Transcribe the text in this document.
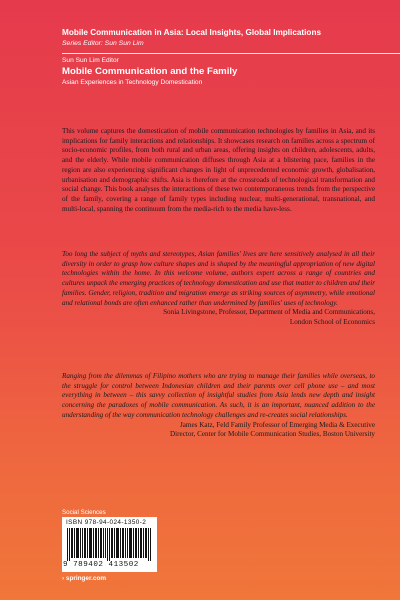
Mobile Communication in Asia: Local Insights, Global Implications
Series Editor: Sun Sun Lim
Sun Sun Lim Editor
Mobile Communication and the Family
Asian Experiences in Technology Domestication
This volume captures the domestication of mobile communication technologies by families in Asia, and its implications for family interactions and relationships. It showcases research on families across a spectrum of socio-economic profiles, from both rural and urban areas, offering insights on children, adolescents, adults, and the elderly. While mobile communication diffuses through Asia at a blistering pace, families in the region are also experiencing significant changes in light of unprecedented economic growth, globalisation, urbanisation and demographic shifts. Asia is therefore at the crossroads of technological transformation and social change. This book analyses the interactions of these two contemporaneous trends from the perspective of the family, covering a range of family types including nuclear, multi-generational, transnational, and multi-local, spanning the continuum from the media-rich to the media have-less.
Too long the subject of myths and stereotypes, Asian families' lives are here sensitively analysed in all their diversity in order to grasp how culture shapes and is shaped by the meaningful appropriation of new digital technologies within the home. In this welcome volume, authors expert across a range of countries and cultures unpack the emerging practices of technology domestication and use that matter to children and their families. Gender, religion, tradition and migration emerge as striking sources of asymmetry, while emotional and relational bonds are often enhanced rather than undermined by families' uses of technology.
Sonia Livingstone, Professor, Department of Media and Communications,
London School of Economics
Ranging from the dilemmas of Filipino mothers who are trying to manage their families while overseas, to the struggle for control between Indonesian children and their parents over cell phone use – and most everything in between – this savvy collection of insightful studies from Asia lends new depth and insight concerning the paradoxes of mobile communication. As such, it is an important, nuanced addition to the understanding of the way communication technology challenges and re-creates social relationships.
James Katz, Feld Family Professor of Emerging Media & Executive
Director, Center for Mobile Communication Studies, Boston University
Social Sciences
ISBN 978-94-024-1350-2
9 789402 413502
› springer.com
